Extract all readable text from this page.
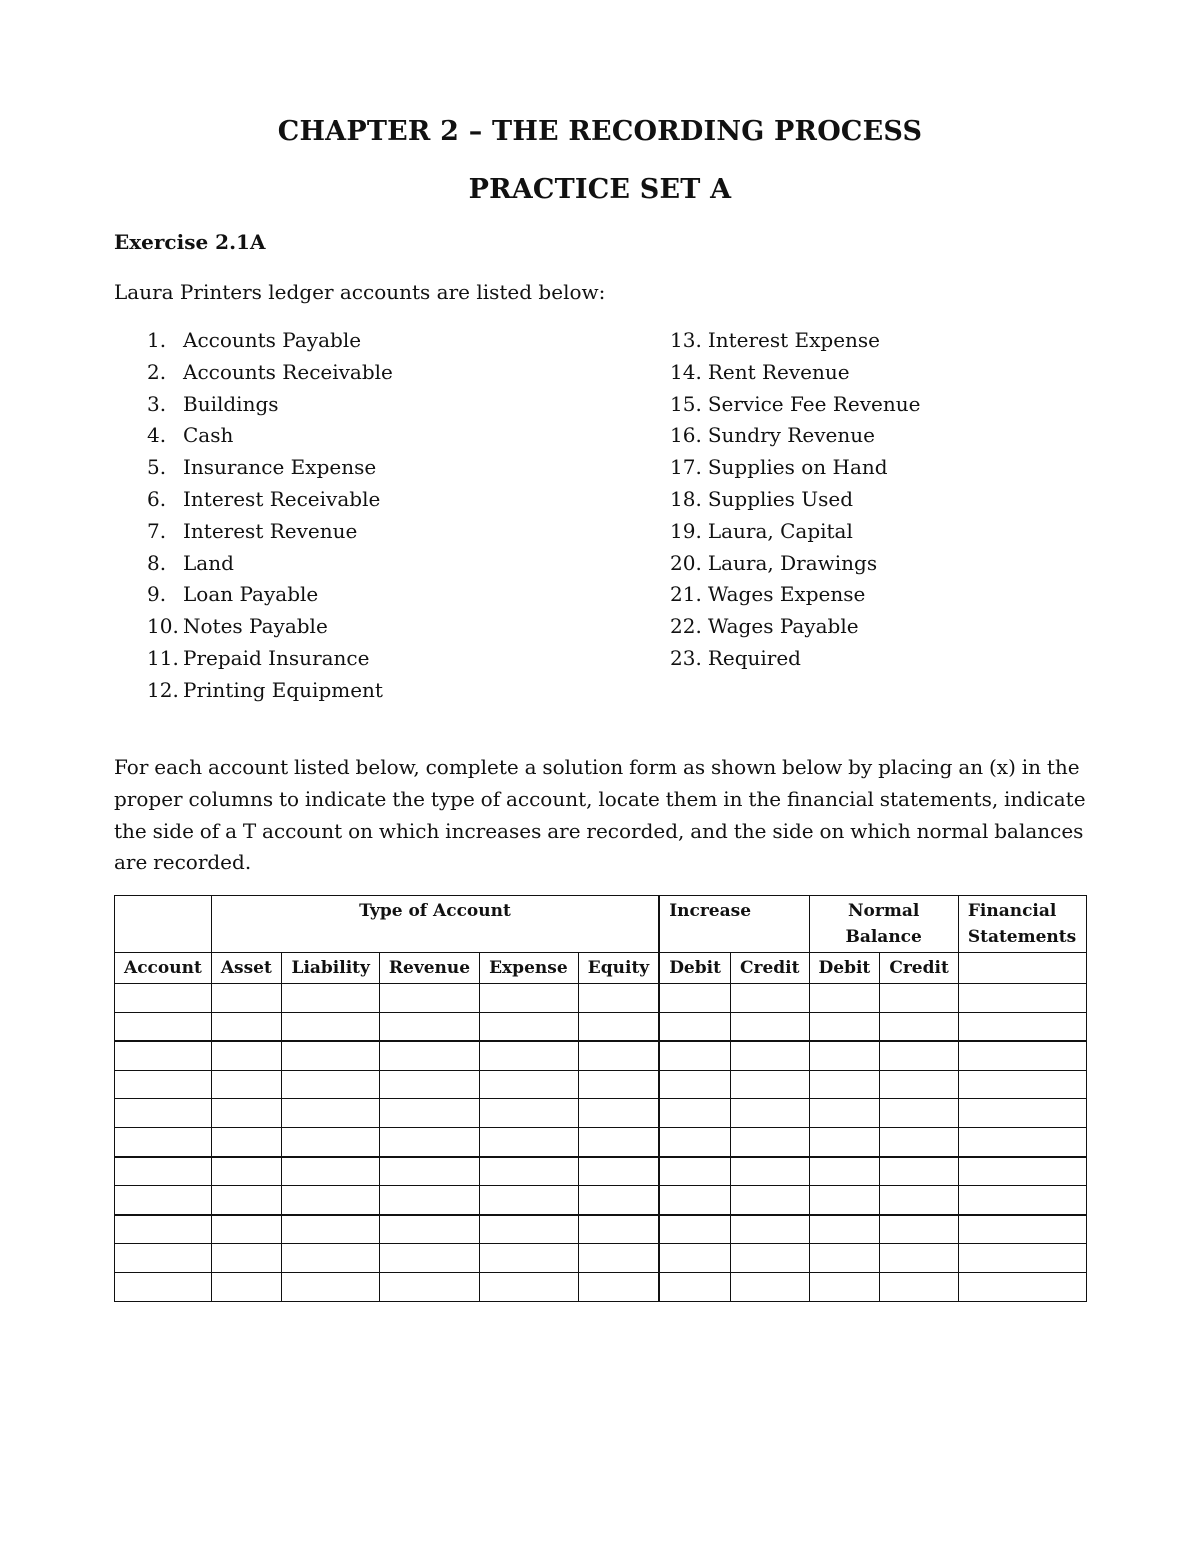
CHAPTER 2 – THE RECORDING PROCESS
PRACTICE SET A
Exercise 2.1A
Laura Printers ledger accounts are listed below:
1. Accounts Payable
2. Accounts Receivable
3. Buildings
4. Cash
5. Insurance Expense
6. Interest Receivable
7. Interest Revenue
8. Land
9. Loan Payable
10. Notes Payable
11. Prepaid Insurance
12. Printing Equipment
13. Interest Expense
14. Rent Revenue
15. Service Fee Revenue
16. Sundry Revenue
17. Supplies on Hand
18. Supplies Used
19. Laura, Capital
20. Laura, Drawings
21. Wages Expense
22. Wages Payable
23. Required
For each account listed below, complete a solution form as shown below by placing an (x) in the proper columns to indicate the type of account, locate them in the financial statements, indicate the side of a T account on which increases are recorded, and the side on which normal balances are recorded.
	Type of Account					Increase		Normal Balance		Financial Statements
Account	Asset	Liability	Revenue	Expense	Equity	Debit	Credit	Debit	Credit	
